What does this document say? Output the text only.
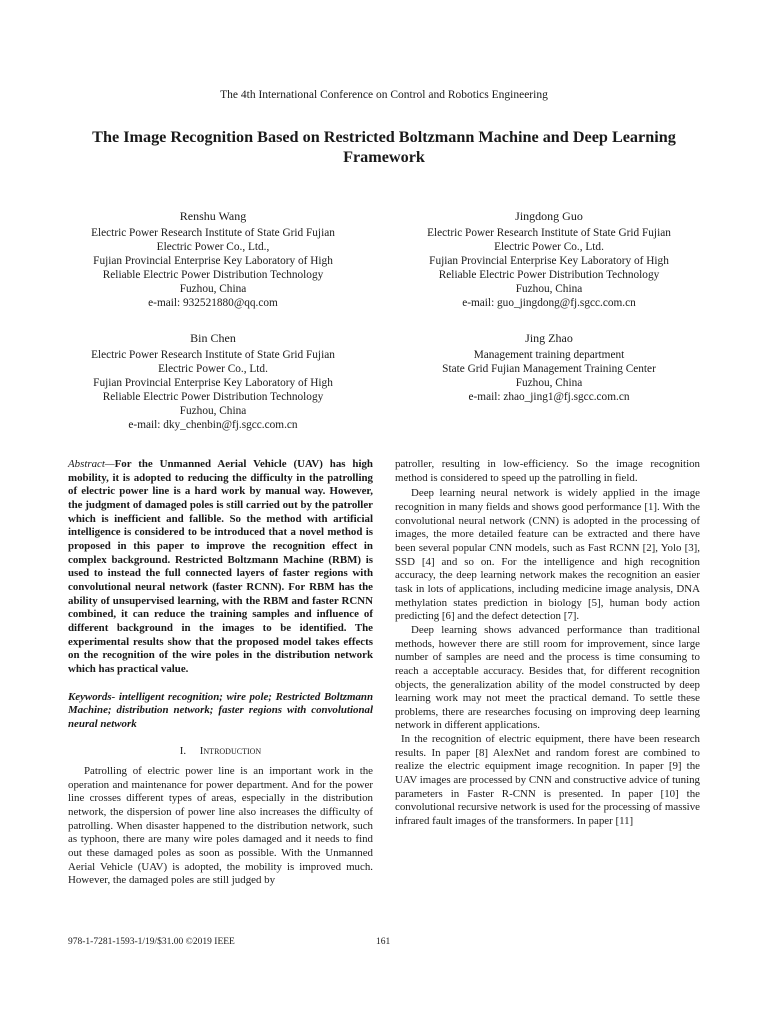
The 4th International Conference on Control and Robotics Engineering
The Image Recognition Based on Restricted Boltzmann Machine and Deep Learning Framework
Renshu Wang
Electric Power Research Institute of State Grid Fujian
Electric Power Co., Ltd.,
Fujian Provincial Enterprise Key Laboratory of High
Reliable Electric Power Distribution Technology
Fuzhou, China
e-mail: 932521880@qq.com
Jingdong Guo
Electric Power Research Institute of State Grid Fujian
Electric Power Co., Ltd.
Fujian Provincial Enterprise Key Laboratory of High
Reliable Electric Power Distribution Technology
Fuzhou, China
e-mail: guo_jingdong@fj.sgcc.com.cn
Bin Chen
Electric Power Research Institute of State Grid Fujian
Electric Power Co., Ltd.
Fujian Provincial Enterprise Key Laboratory of High
Reliable Electric Power Distribution Technology
Fuzhou, China
e-mail: dky_chenbin@fj.sgcc.com.cn
Jing Zhao
Management training department
State Grid Fujian Management Training Center
Fuzhou, China
e-mail: zhao_jing1@fj.sgcc.com.cn
Abstract—For the Unmanned Aerial Vehicle (UAV) has high mobility, it is adopted to reducing the difficulty in the patrolling of electric power line is a hard work by manual way. However, the judgment of damaged poles is still carried out by the patroller which is inefficient and fallible. So the method with artificial intelligence is considered to be introduced that a novel method is proposed in this paper to improve the recognition effect in complex background. Restricted Boltzmann Machine (RBM) is used to instead the full connected layers of faster regions with convolutional neural network (faster RCNN). For RBM has the ability of unsupervised learning, with the RBM and faster RCNN combined, it can reduce the training samples and influence of different background in the images to be identified. The experimental results show that the proposed model takes effects on the recognition of the wire poles in the distribution network which has practical value.
Keywords- intelligent recognition; wire pole; Restricted Boltzmann Machine; distribution network; faster regions with convolutional neural network
I. Introduction

Patrolling of electric power line is an important work in the operation and maintenance for power department. And for the power line crosses different types of areas, especially in the distribution network, the dispersion of power line also increases the difficulty of patrolling. When disaster happened to the distribution network, such as typhoon, there are many wire poles damaged and it needs to find out these damaged poles as soon as possible. With the Unmanned Aerial Vehicle (UAV) is adopted, the mobility is improved much. However, the damaged poles are still judged by

patroller, resulting in low-efficiency. So the image recognition method is considered to speed up the patrolling in field.

Deep learning neural network is widely applied in the image recognition in many fields and shows good performance [1]. With the convolutional neural network (CNN) is adopted in the processing of images, the more detailed feature can be extracted and there have been several popular CNN models, such as Fast RCNN [2], Yolo [3], SSD [4] and so on. For the intelligence and high recognition accuracy, the deep learning network makes the recognition an easier task in lots of applications, including medicine image analysis, DNA methylation states prediction in biology [5], human body action predicting [6] and the defect detection [7].

Deep learning shows advanced performance than traditional methods, however there are still room for improvement, since large number of samples are need and the process is time consuming to reach a acceptable accuracy. Besides that, for different recognition objects, the generalization ability of the model constructed by deep learning work may not meet the practical demand. To settle these problems, there are researches focusing on improving deep learning network in different applications.

In the recognition of electric equipment, there have been research results. In paper [8] AlexNet and random forest are combined to realize the electric equipment image recognition. In paper [9] the UAV images are processed by CNN and constructive advice of tuning parameters in Faster R-CNN is presented. In paper [10] the convolutional recursive network is used for the processing of massive infrared fault images of the transformers. In paper [11]

978-1-7281-1593-1/19/$31.00 ©2019 IEEE	161
